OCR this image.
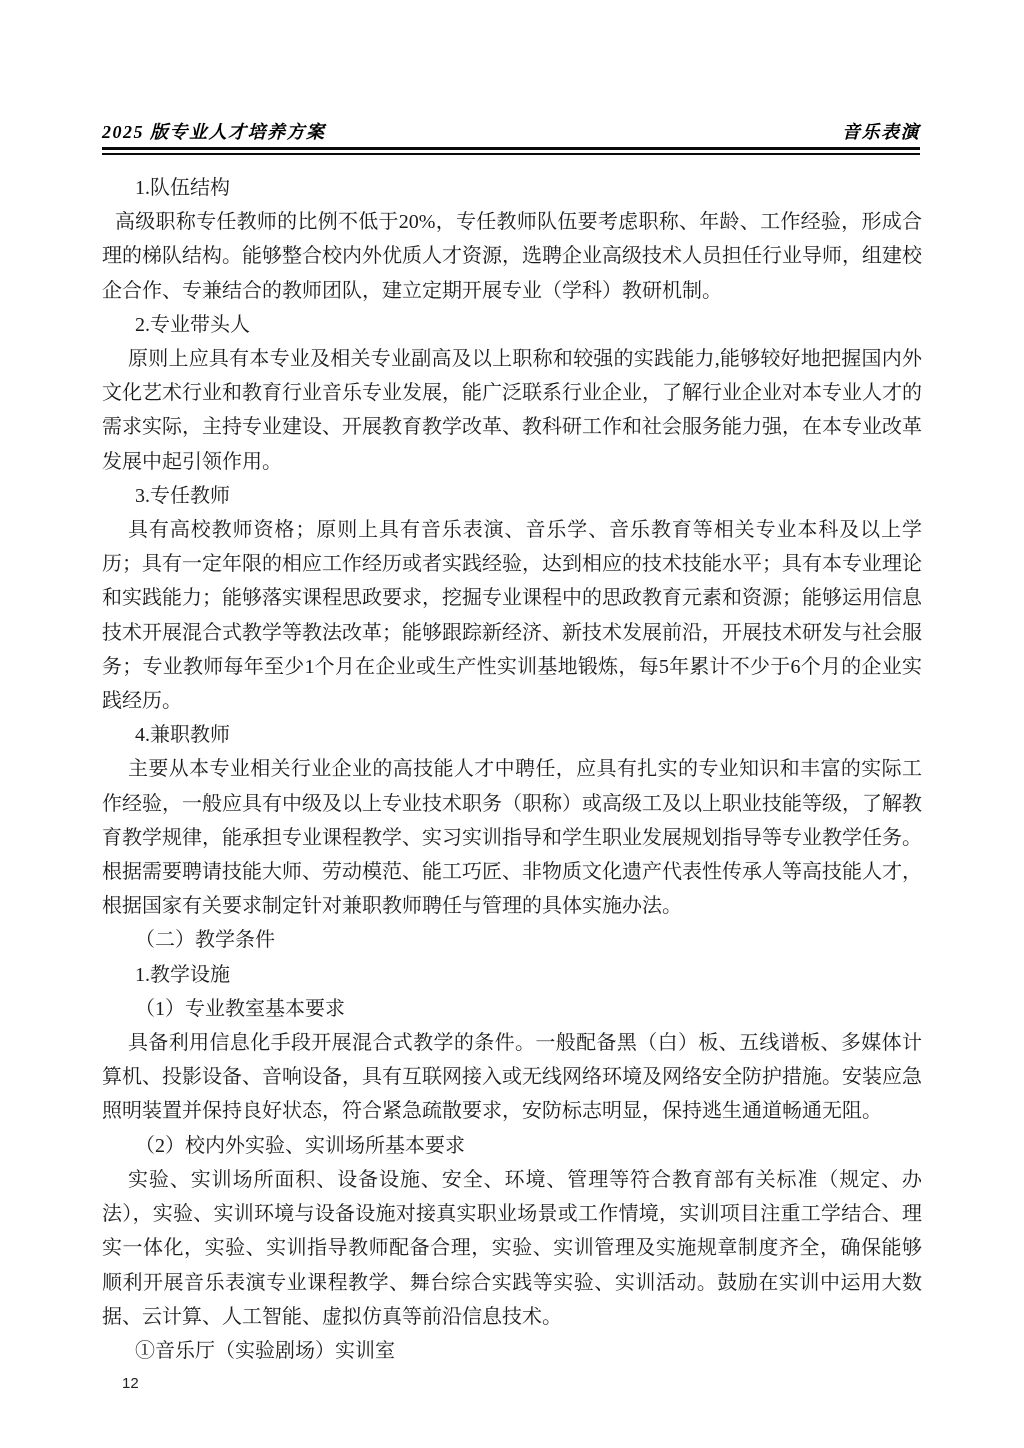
2025 版专业人才培养方案	音乐表演

1.队伍结构

高级职称专任教师的比例不低于20%，专任教师队伍要考虑职称、年龄、工作经验，形成合理的梯队结构。能够整合校内外优质人才资源，选聘企业高级技术人员担任行业导师，组建校企合作、专兼结合的教师团队，建立定期开展专业（学科）教研机制。

2.专业带头人

原则上应具有本专业及相关专业副高及以上职称和较强的实践能力,能够较好地把握国内外文化艺术行业和教育行业音乐专业发展，能广泛联系行业企业，了解行业企业对本专业人才的需求实际，主持专业建设、开展教育教学改革、教科研工作和社会服务能力强，在本专业改革发展中起引领作用。

3.专任教师

具有高校教师资格；原则上具有音乐表演、音乐学、音乐教育等相关专业本科及以上学历；具有一定年限的相应工作经历或者实践经验，达到相应的技术技能水平；具有本专业理论和实践能力；能够落实课程思政要求，挖掘专业课程中的思政教育元素和资源；能够运用信息技术开展混合式教学等教法改革；能够跟踪新经济、新技术发展前沿，开展技术研发与社会服务；专业教师每年至少1个月在企业或生产性实训基地锻炼，每5年累计不少于6个月的企业实践经历。

4.兼职教师

主要从本专业相关行业企业的高技能人才中聘任，应具有扎实的专业知识和丰富的实际工作经验，一般应具有中级及以上专业技术职务（职称）或高级工及以上职业技能等级，了解教育教学规律，能承担专业课程教学、实习实训指导和学生职业发展规划指导等专业教学任务。根据需要聘请技能大师、劳动模范、能工巧匠、非物质文化遗产代表性传承人等高技能人才，根据国家有关要求制定针对兼职教师聘任与管理的具体实施办法。

（二）教学条件

1.教学设施

（1）专业教室基本要求

具备利用信息化手段开展混合式教学的条件。一般配备黑（白）板、五线谱板、多媒体计算机、投影设备、音响设备，具有互联网接入或无线网络环境及网络安全防护措施。安装应急照明装置并保持良好状态，符合紧急疏散要求，安防标志明显，保持逃生通道畅通无阻。

（2）校内外实验、实训场所基本要求

实验、实训场所面积、设备设施、安全、环境、管理等符合教育部有关标准（规定、办法），实验、实训环境与设备设施对接真实职业场景或工作情境，实训项目注重工学结合、理实一体化，实验、实训指导教师配备合理，实验、实训管理及实施规章制度齐全，确保能够 顺利开展音乐表演专业课程教学、舞台综合实践等实验、实训活动。鼓励在实训中运用大数据、云计算、人工智能、虚拟仿真等前沿信息技术。

①音乐厅（实验剧场）实训室

12
